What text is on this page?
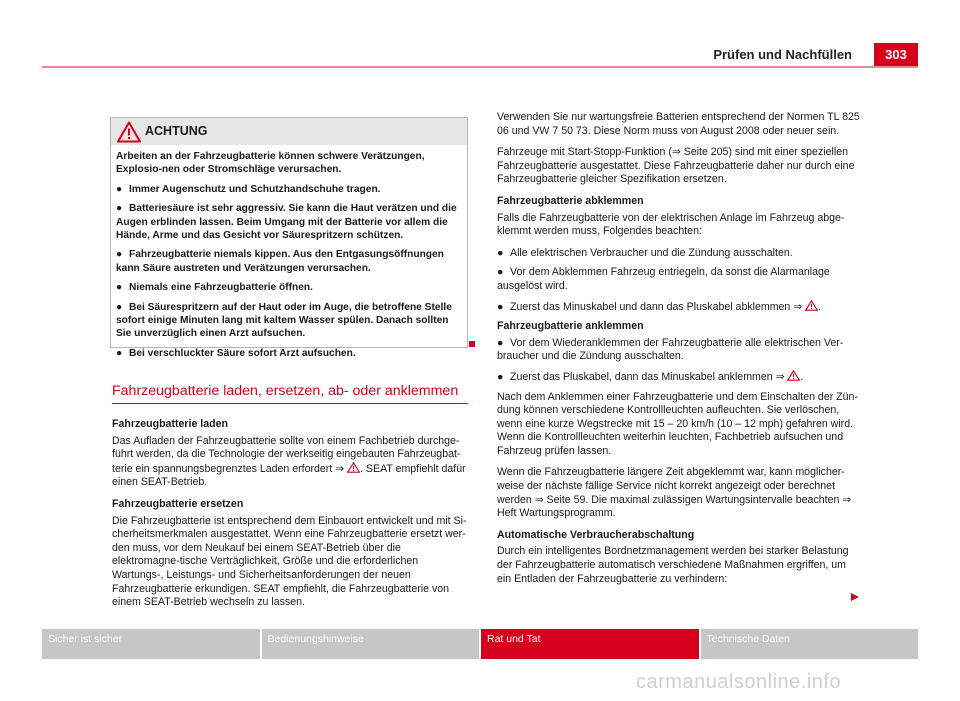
Prüfen und Nachfüllen	303
ACHTUNG

Arbeiten an der Fahrzeugbatterie können schwere Verätzungen, Explosio-nen oder Stromschläge verursachen.

● Immer Augenschutz und Schutzhandschuhe tragen.

● Batteriesäure ist sehr aggressiv. Sie kann die Haut verätzen und die Augen erblinden lassen. Beim Umgang mit der Batterie vor allem die Hände, Arme und das Gesicht vor Säurespritzern schützen.

● Fahrzeugbatterie niemals kippen. Aus den Entgasungsöffnungen kann Säure austreten und Verätzungen verursachen.

● Niemals eine Fahrzeugbatterie öffnen.

● Bei Säurespritzern auf der Haut oder im Auge, die betroffene Stelle sofort einige Minuten lang mit kaltem Wasser spülen. Danach sollten Sie unverzüglich einen Arzt aufsuchen.

● Bei verschluckter Säure sofort Arzt aufsuchen.

Fahrzeugbatterie laden, ersetzen, ab- oder anklemmen
Fahrzeugbatterie laden
Das Aufladen der Fahrzeugbatterie sollte von einem Fachbetrieb durchge-führt werden, da die Technologie der werkseitig eingebauten Fahrzeugbat-terie ein spannungsbegrenztes Laden erfordert ⇒ . SEAT empfiehlt dafür einen SEAT-Betrieb.
Fahrzeugbatterie ersetzen
Die Fahrzeugbatterie ist entsprechend dem Einbauort entwickelt und mit Si-cherheitsmerkmalen ausgestattet. Wenn eine Fahrzeugbatterie ersetzt wer-den muss, vor dem Neukauf bei einem SEAT-Betrieb über die elektromagne-tische Verträglichkeit, Größe und die erforderlichen Wartungs-, Leistungs- und Sicherheitsanforderungen der neuen Fahrzeugbatterie erkundigen. SEAT empfiehlt, die Fahrzeugbatterie von einem SEAT-Betrieb wechseln zu lassen.
Verwenden Sie nur wartungsfreie Batterien entsprechend der Normen TL 825 06 und VW 7 50 73. Diese Norm muss von August 2008 oder neuer sein.
Fahrzeuge mit Start-Stopp-Funktion (⇒ Seite 205) sind mit einer speziellen Fahrzeugbatterie ausgestattet. Diese Fahrzeugbatterie daher nur durch eine Fahrzeugbatterie gleicher Spezifikation ersetzen.
Fahrzeugbatterie abklemmen
Falls die Fahrzeugbatterie von der elektrischen Anlage im Fahrzeug abge-klemmt werden muss, Folgendes beachten:
● Alle elektrischen Verbraucher und die Zündung ausschalten.
● Vor dem Abklemmen Fahrzeug entriegeln, da sonst die Alarmanlage ausgelöst wird.
● Zuerst das Minuskabel und dann das Pluskabel abklemmen ⇒ .
Fahrzeugbatterie anklemmen
● Vor dem Wiederanklemmen der Fahrzeugbatterie alle elektrischen Ver-braucher und die Zündung ausschalten.
● Zuerst das Pluskabel, dann das Minuskabel anklemmen ⇒ .
Nach dem Anklemmen einer Fahrzeugbatterie und dem Einschalten der Zün-dung können verschiedene Kontrollleuchten aufleuchten. Sie verlöschen, wenn eine kurze Wegstrecke mit 15 – 20 km/h (10 – 12 mph) gefahren wird. Wenn die Kontrollleuchten weiterhin leuchten, Fachbetrieb aufsuchen und Fahrzeug prüfen lassen.
Wenn die Fahrzeugbatterie längere Zeit abgeklemmt war, kann möglicher-weise der nächste fällige Service nicht korrekt angezeigt oder berechnet werden ⇒ Seite 59. Die maximal zulässigen Wartungsintervalle beachten ⇒ Heft Wartungsprogramm.
Automatische Verbraucherabschaltung
Durch ein intelligentes Bordnetzmanagement werden bei starker Belastung der Fahrzeugbatterie automatisch verschiedene Maßnahmen ergriffen, um ein Entladen der Fahrzeugbatterie zu verhindern:
Sicher ist sicher	Bedienungshinweise	Rat und Tat	Technische Daten
carmanualsonline.info
